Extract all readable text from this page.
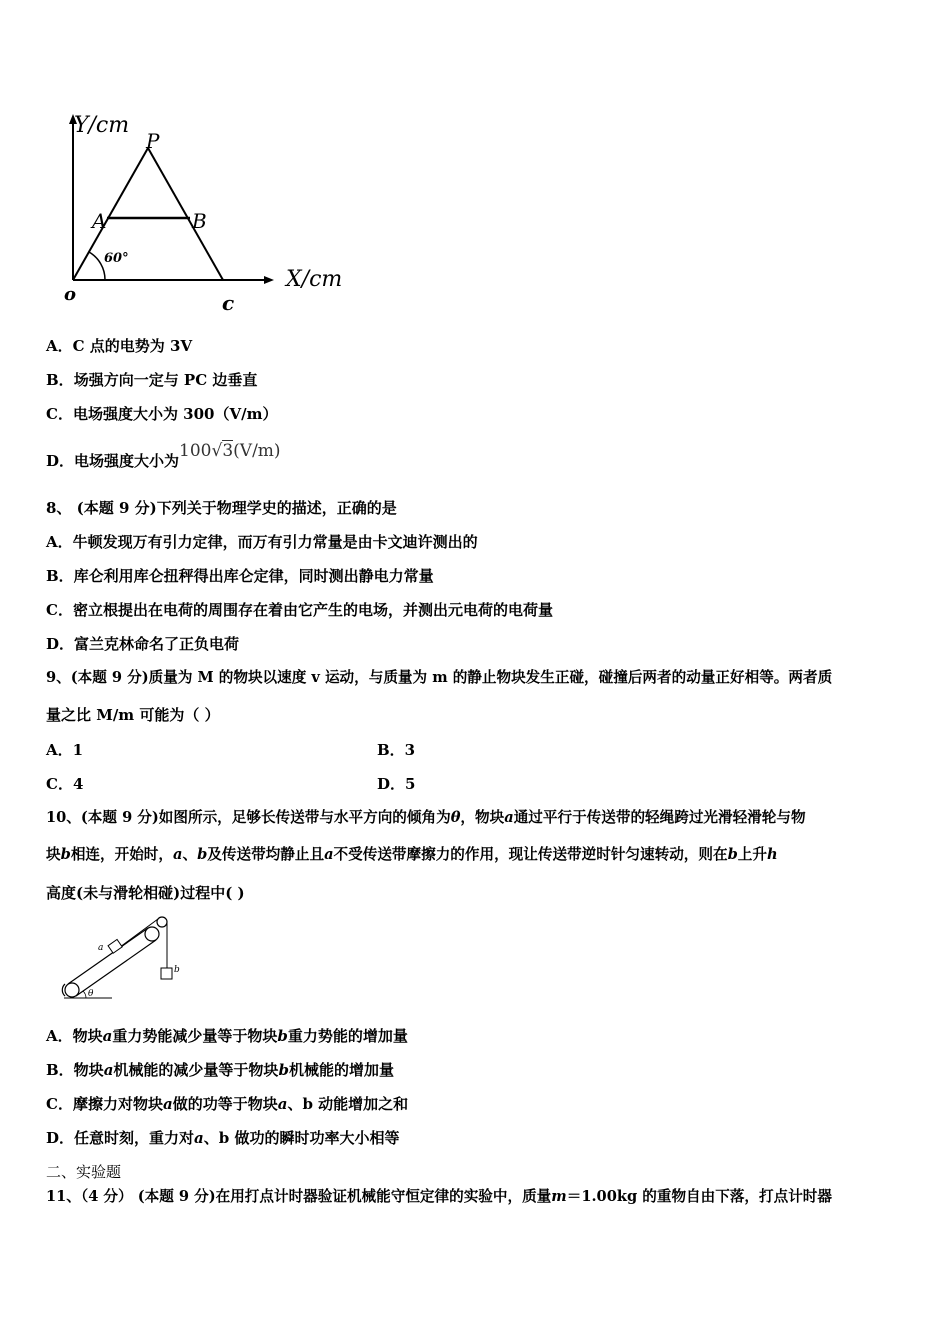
Y/cm
X/cm
o
P
A	B
c
60°
A．C 点的电势为 3V
B．场强方向一定与 PC 边垂直
C．电场强度大小为 300（V/m）
D．电场强度大小为100√3(V/m)
8、 (本题 9 分)下列关于物理学史的描述，正确的是
A．牛顿发现万有引力定律，而万有引力常量是由卡文迪许测出的
B．库仑利用库仑扭秤得出库仑定律，同时测出静电力常量
C．密立根提出在电荷的周围存在着由它产生的电场，并测出元电荷的电荷量
D．富兰克林命名了正负电荷
9、(本题 9 分)质量为 M 的物块以速度 v 运动，与质量为 m 的静止物块发生正碰，碰撞后两者的动量正好相等。两者质
量之比 M/m 可能为（ ）
A．1	B．3
C．4	D．5
10、(本题 9 分)如图所示，足够长传送带与水平方向的倾角为θ，物块a通过平行于传送带的轻绳跨过光滑轻滑轮与物
块b相连，开始时，a、b及传送带均静止且a不受传送带摩擦力的作用，现让传送带逆时针匀速转动，则在b上升h
高度(未与滑轮相碰)过程中( )
a
b
θ
A．物块a重力势能减少量等于物块b重力势能的增加量
B．物块a机械能的减少量等于物块b机械能的增加量
C．摩擦力对物块a做的功等于物块a、b 动能增加之和
D．任意时刻，重力对a、b 做功的瞬时功率大小相等
二、实验题
11、（4 分） (本题 9 分)在用打点计时器验证机械能守恒定律的实验中，质量m＝1.00kg 的重物自由下落，打点计时器
